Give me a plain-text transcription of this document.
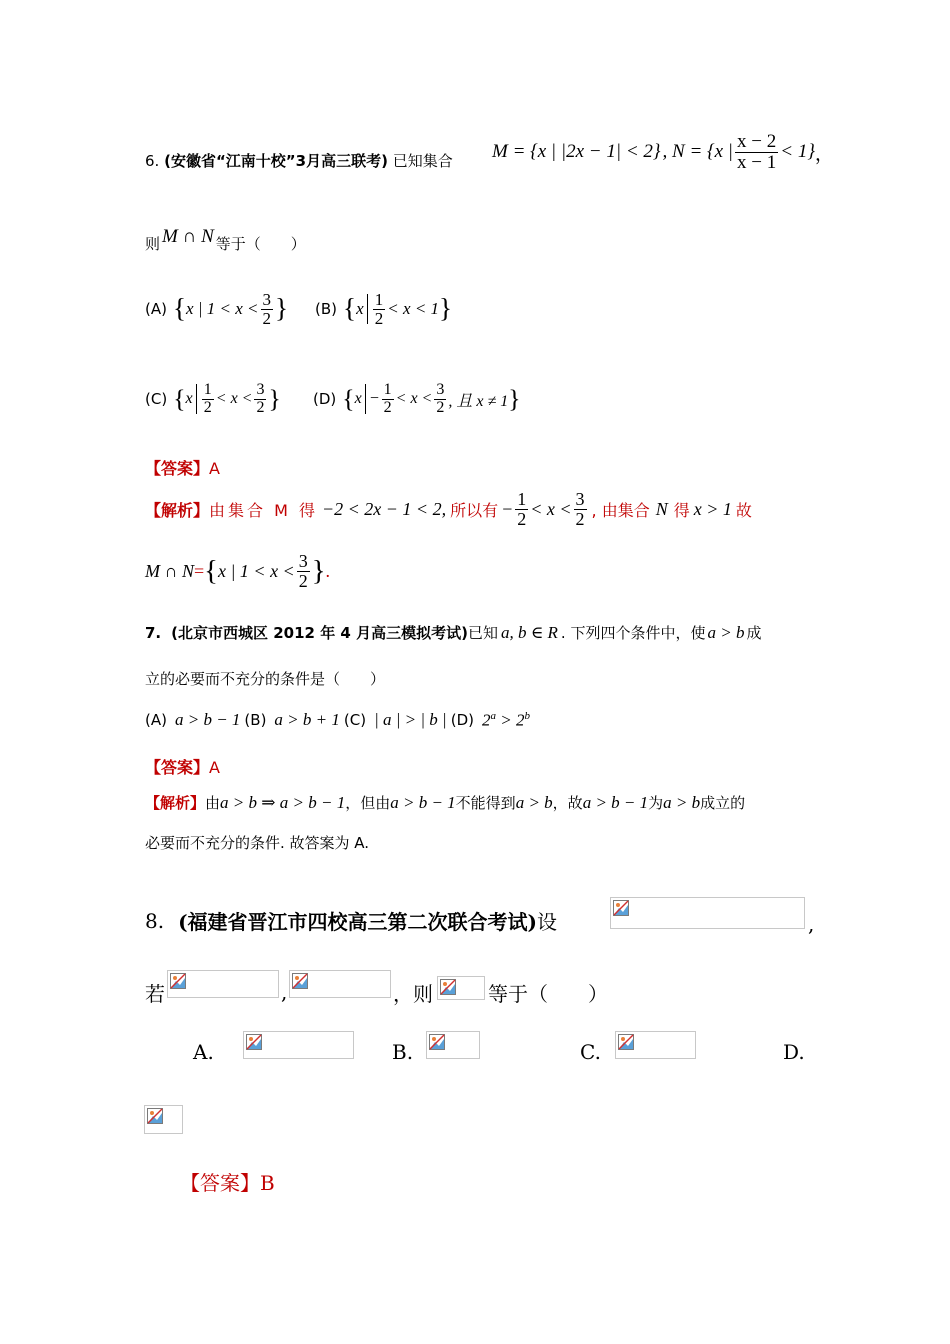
6. (安徽省“江南十校”3月高三联考) 已知集合 M = {x | |2x − 1| < 2} , N = {x | $\frac{x - 2}{x - 1} < 1$} ，
则 M ∩ N 等于（　　）
(A) { x | $1 < x < \frac{3}{2}$ } (B) { x $\frac{1}{2} < x < 1$ }
(C) { x $\frac{1}{2} < x < \frac{3}{2}$ } (D) { $x - \frac{1}{2} < x < \frac{3}{2}$ , 且 x ≠ 1 }
【答案】A
【解析】 由集合 M 得 −2 < 2x − 1 < 2, 所以有 − $\frac{1}{2} < x < \frac{3}{2}$ , 由集合 N 得 x > 1 故
M ∩ N = { x | $1 < x < \frac{3}{2}$ } .
7. (北京市西城区 2012 年 4 月高三模拟考试) 已知 a, b ∈ R . 下列四个条件中，使 a > b 成
立的必要而不充分的条件是（　　）
(A) a > b − 1 (B) a > b + 1 (C) | a | > | b | (D) $2^a > 2^b$
【答案】A
【解析】 由 a > b ⇒ a > b − 1 ，但由 a > b − 1 不能得到 a > b ，故 a > b − 1 为 a > b 成立的
必要而不充分的条件. 故答案为 A.
8. (福建省晋江市四校高三第二次联合考试) 设	,
若	,	，则	等于（　　）
A.	B.	C.	D.
【答案】B
